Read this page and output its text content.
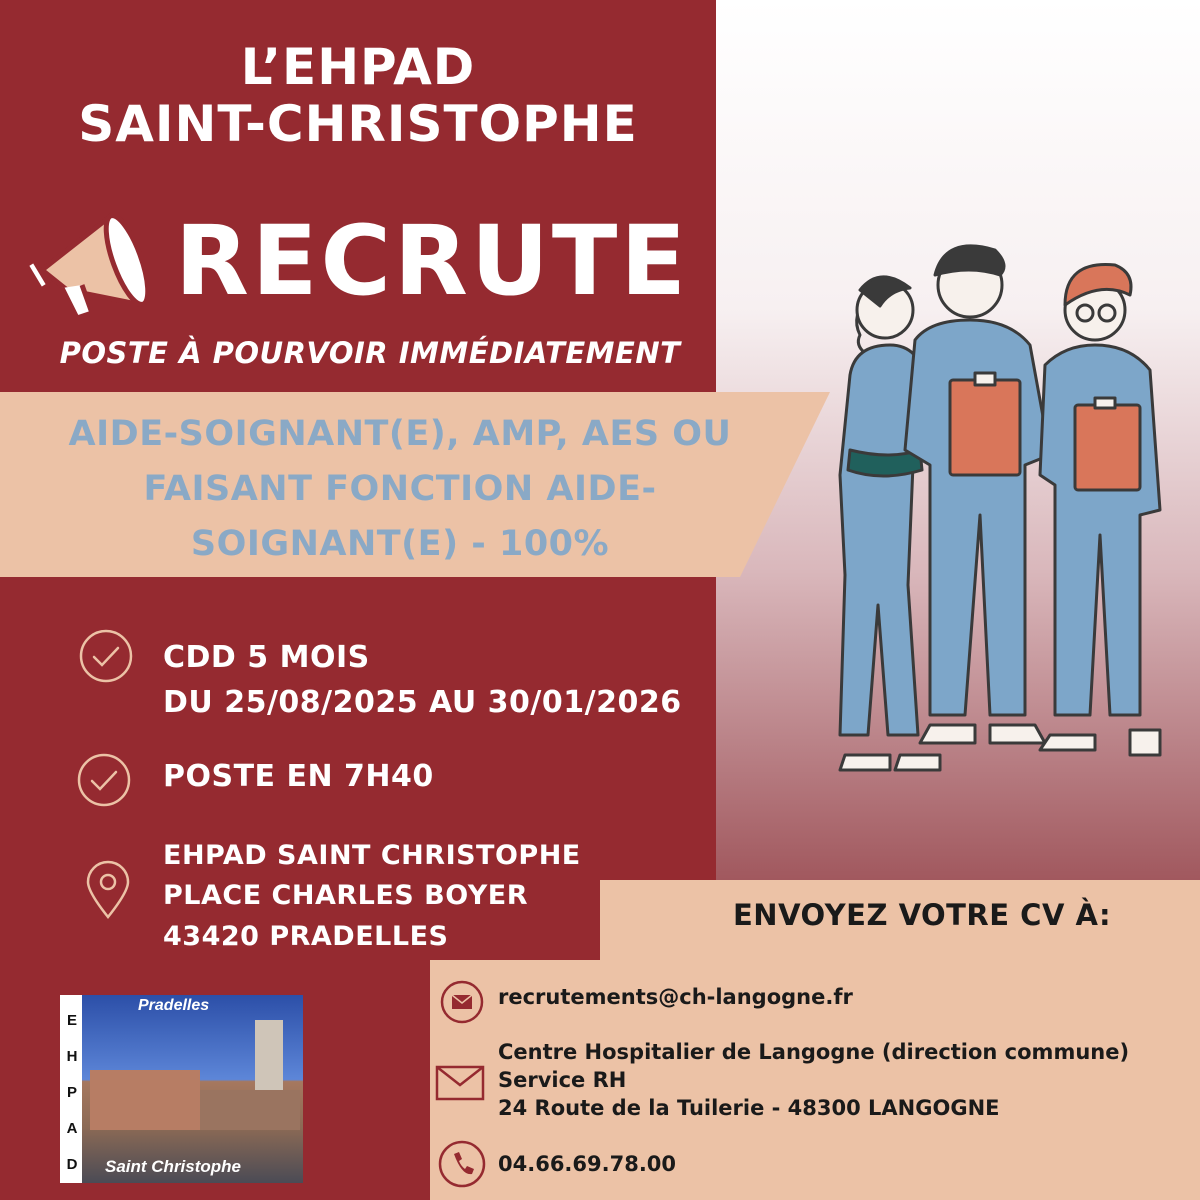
L’EHPAD
SAINT-CHRISTOPHE
RECRUTE
POSTE À POURVOIR IMMÉDIATEMENT
AIDE-SOIGNANT(E), AMP, AES OU
FAISANT FONCTION AIDE-
SOIGNANT(E) - 100%
CDD 5 MOIS
DU 25/08/2025 AU 30/01/2026
POSTE EN 7H40
EHPAD SAINT CHRISTOPHE
PLACE CHARLES BOYER
43420 PRADELLES
E
H
P
A
D
Pradelles
Saint Christophe
ENVOYEZ VOTRE CV À:
recrutements@ch-langogne.fr
Centre Hospitalier de Langogne (direction commune)
Service RH
24 Route de la Tuilerie - 48300 LANGOGNE
04.66.69.78.00
